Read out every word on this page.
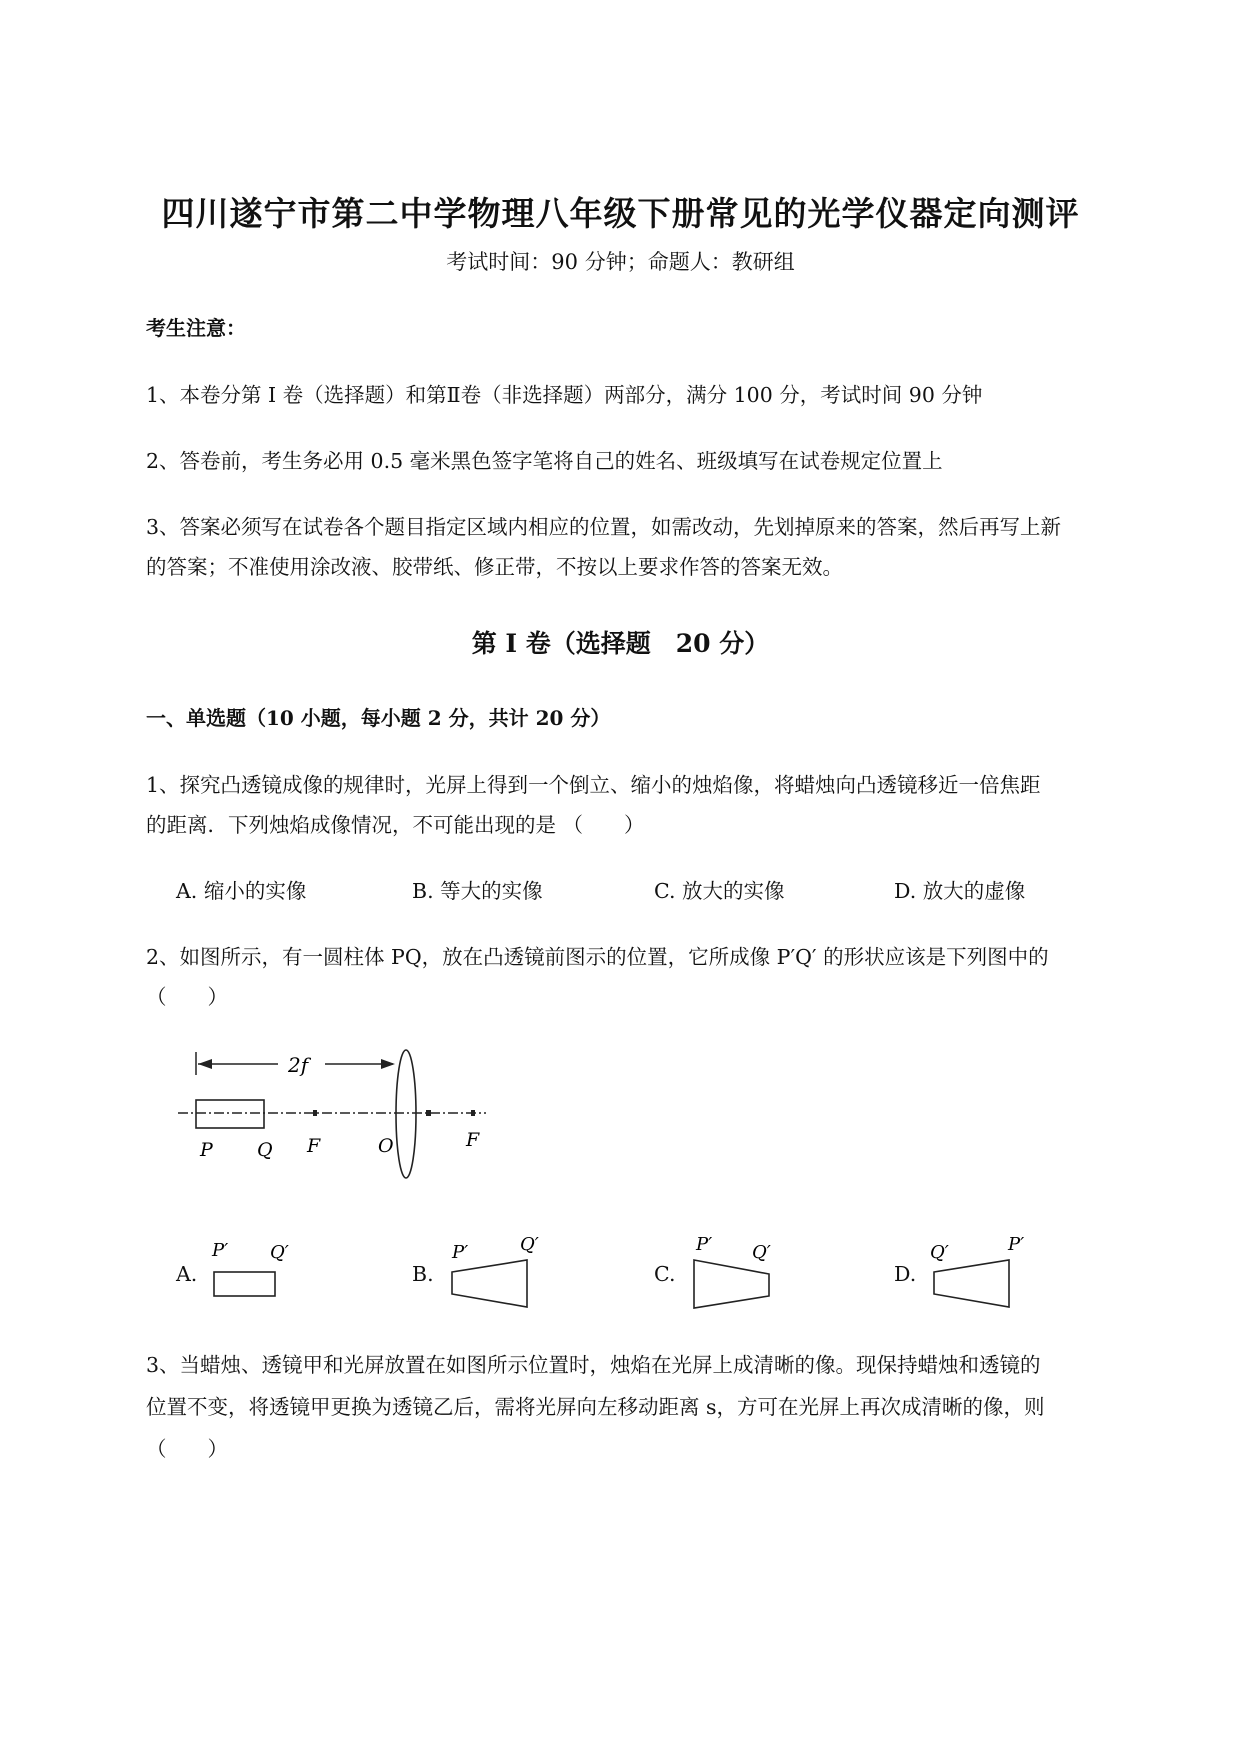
四川遂宁市第二中学物理八年级下册常见的光学仪器定向测评
考试时间：90 分钟；命题人：教研组
考生注意：
1、本卷分第 I 卷（选择题）和第Ⅱ卷（非选择题）两部分，满分 100 分，考试时间 90 分钟
2、答卷前，考生务必用 0.5 毫米黑色签字笔将自己的姓名、班级填写在试卷规定位置上
3、答案必须写在试卷各个题目指定区域内相应的位置，如需改动，先划掉原来的答案，然后再写上新
的答案；不准使用涂改液、胶带纸、修正带，不按以上要求作答的答案无效。
第 I 卷（选择题　20 分）
一、单选题（10 小题，每小题 2 分，共计 20 分）
1、探究凸透镜成像的规律时，光屏上得到一个倒立、缩小的烛焰像，将蜡烛向凸透镜移近一倍焦距
的距离．下列烛焰成像情况，不可能出现的是 （　　）
A. 缩小的实像	B. 等大的实像	C. 放大的实像	D. 放大的虚像
2、如图所示，有一圆柱体 PQ，放在凸透镜前图示的位置，它所成像 P′Q′ 的形状应该是下列图中的
（　　）
2f
P Q F	O	F
A.
P′ Q′
B.
P′	Q′
C.
P′ Q′
D.
Q′	P′
3、当蜡烛、透镜甲和光屏放置在如图所示位置时，烛焰在光屏上成清晰的像。现保持蜡烛和透镜的
位置不变，将透镜甲更换为透镜乙后，需将光屏向左移动距离 s，方可在光屏上再次成清晰的像，则
（　　）
